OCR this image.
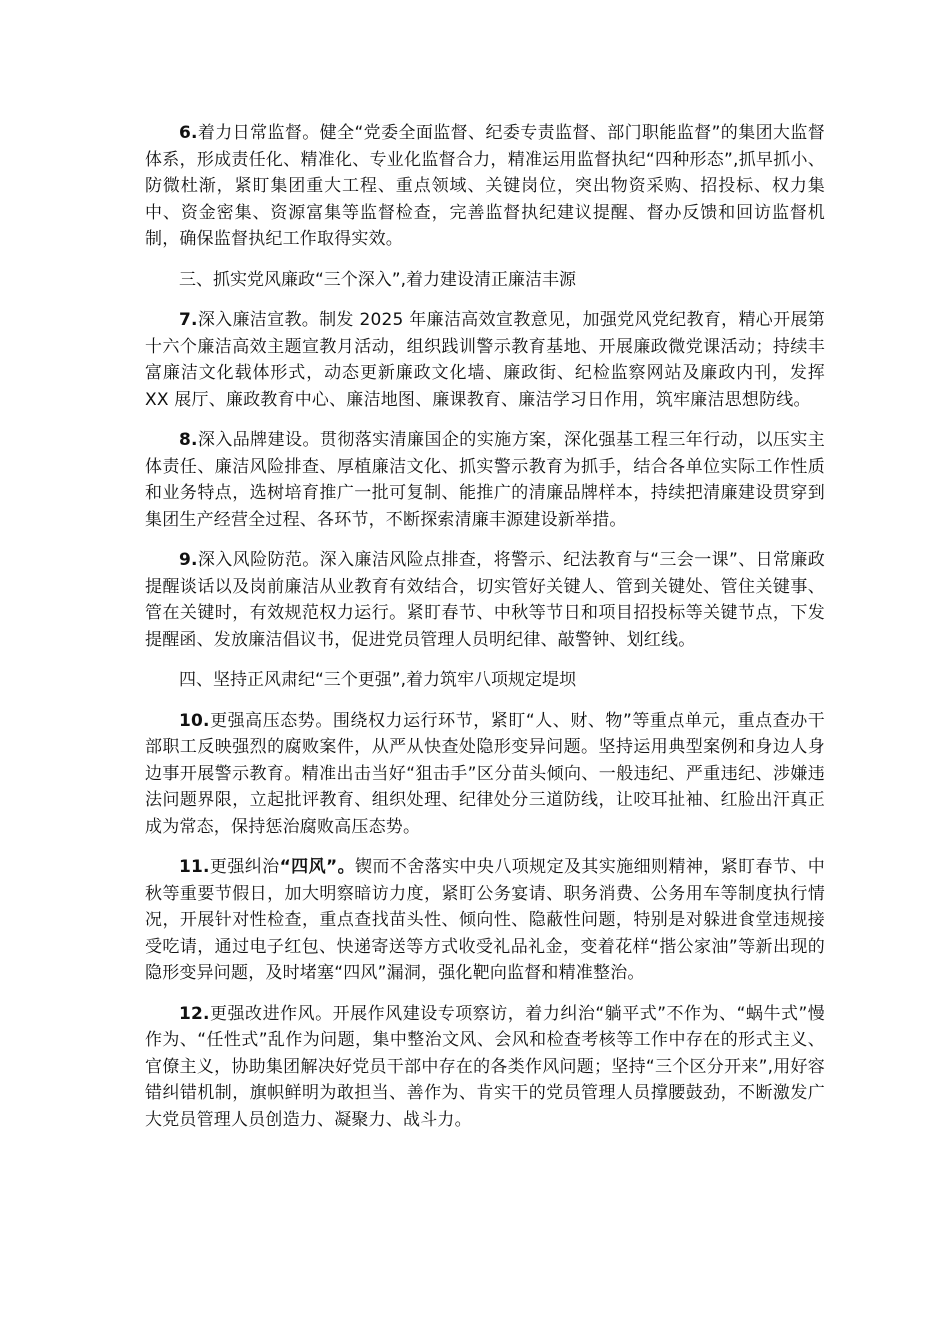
6.着力日常监督。健全“党委全面监督、纪委专责监督、部门职能监督”的集团大监督体系，形成责任化、精准化、专业化监督合力，精准运用监督执纪“四种形态”,抓早抓小、防微杜渐，紧盯集团重大工程、重点领域、关键岗位，突出物资采购、招投标、权力集中、资金密集、资源富集等监督检查，完善监督执纪建议提醒、督办反馈和回访监督机制，确保监督执纪工作取得实效。

三、抓实党风廉政“三个深入”,着力建设清正廉洁丰源

7.深入廉洁宣教。制发 2025 年廉洁高效宣教意见，加强党风党纪教育，精心开展第十六个廉洁高效主题宣教月活动，组织践训警示教育基地、开展廉政微党课活动；持续丰富廉洁文化载体形式，动态更新廉政文化墙、廉政街、纪检监察网站及廉政内刊，发挥 XX 展厅、廉政教育中心、廉洁地图、廉课教育、廉洁学习日作用，筑牢廉洁思想防线。

8.深入品牌建设。贯彻落实清廉国企的实施方案，深化强基工程三年行动，以压实主体责任、廉洁风险排查、厚植廉洁文化、抓实警示教育为抓手，结合各单位实际工作性质和业务特点，选树培育推广一批可复制、能推广的清廉品牌样本，持续把清廉建设贯穿到集团生产经营全过程、各环节，不断探索清廉丰源建设新举措。

9.深入风险防范。深入廉洁风险点排查，将警示、纪法教育与“三会一课”、日常廉政提醒谈话以及岗前廉洁从业教育有效结合，切实管好关键人、管到关键处、管住关键事、管在关键时，有效规范权力运行。紧盯春节、中秋等节日和项目招投标等关键节点，下发提醒函、发放廉洁倡议书，促进党员管理人员明纪律、敲警钟、划红线。

四、坚持正风肃纪“三个更强”,着力筑牢八项规定堤坝

10.更强高压态势。围绕权力运行环节，紧盯“人、财、物”等重点单元，重点查办干部职工反映强烈的腐败案件，从严从快查处隐形变异问题。坚持运用典型案例和身边人身边事开展警示教育。精准出击当好“狙击手”区分苗头倾向、一般违纪、严重违纪、涉嫌违法问题界限，立起批评教育、组织处理、纪律处分三道防线，让咬耳扯袖、红脸出汗真正成为常态，保持惩治腐败高压态势。

11.更强纠治“四风”。锲而不舍落实中央八项规定及其实施细则精神，紧盯春节、中秋等重要节假日，加大明察暗访力度，紧盯公务宴请、职务消费、公务用车等制度执行情况，开展针对性检查，重点查找苗头性、倾向性、隐蔽性问题，特别是对躲进食堂违规接受吃请，通过电子红包、快递寄送等方式收受礼品礼金，变着花样“揩公家油”等新出现的隐形变异问题，及时堵塞“四风”漏洞，强化靶向监督和精准整治。

12.更强改进作风。开展作风建设专项察访，着力纠治“躺平式”不作为、“蜗牛式”慢作为、“任性式”乱作为问题，集中整治文风、会风和检查考核等工作中存在的形式主义、官僚主义，协助集团解决好党员干部中存在的各类作风问题；坚持“三个区分开来”,用好容错纠错机制，旗帜鲜明为敢担当、善作为、肯实干的党员管理人员撑腰鼓劲，不断激发广大党员管理人员创造力、凝聚力、战斗力。
